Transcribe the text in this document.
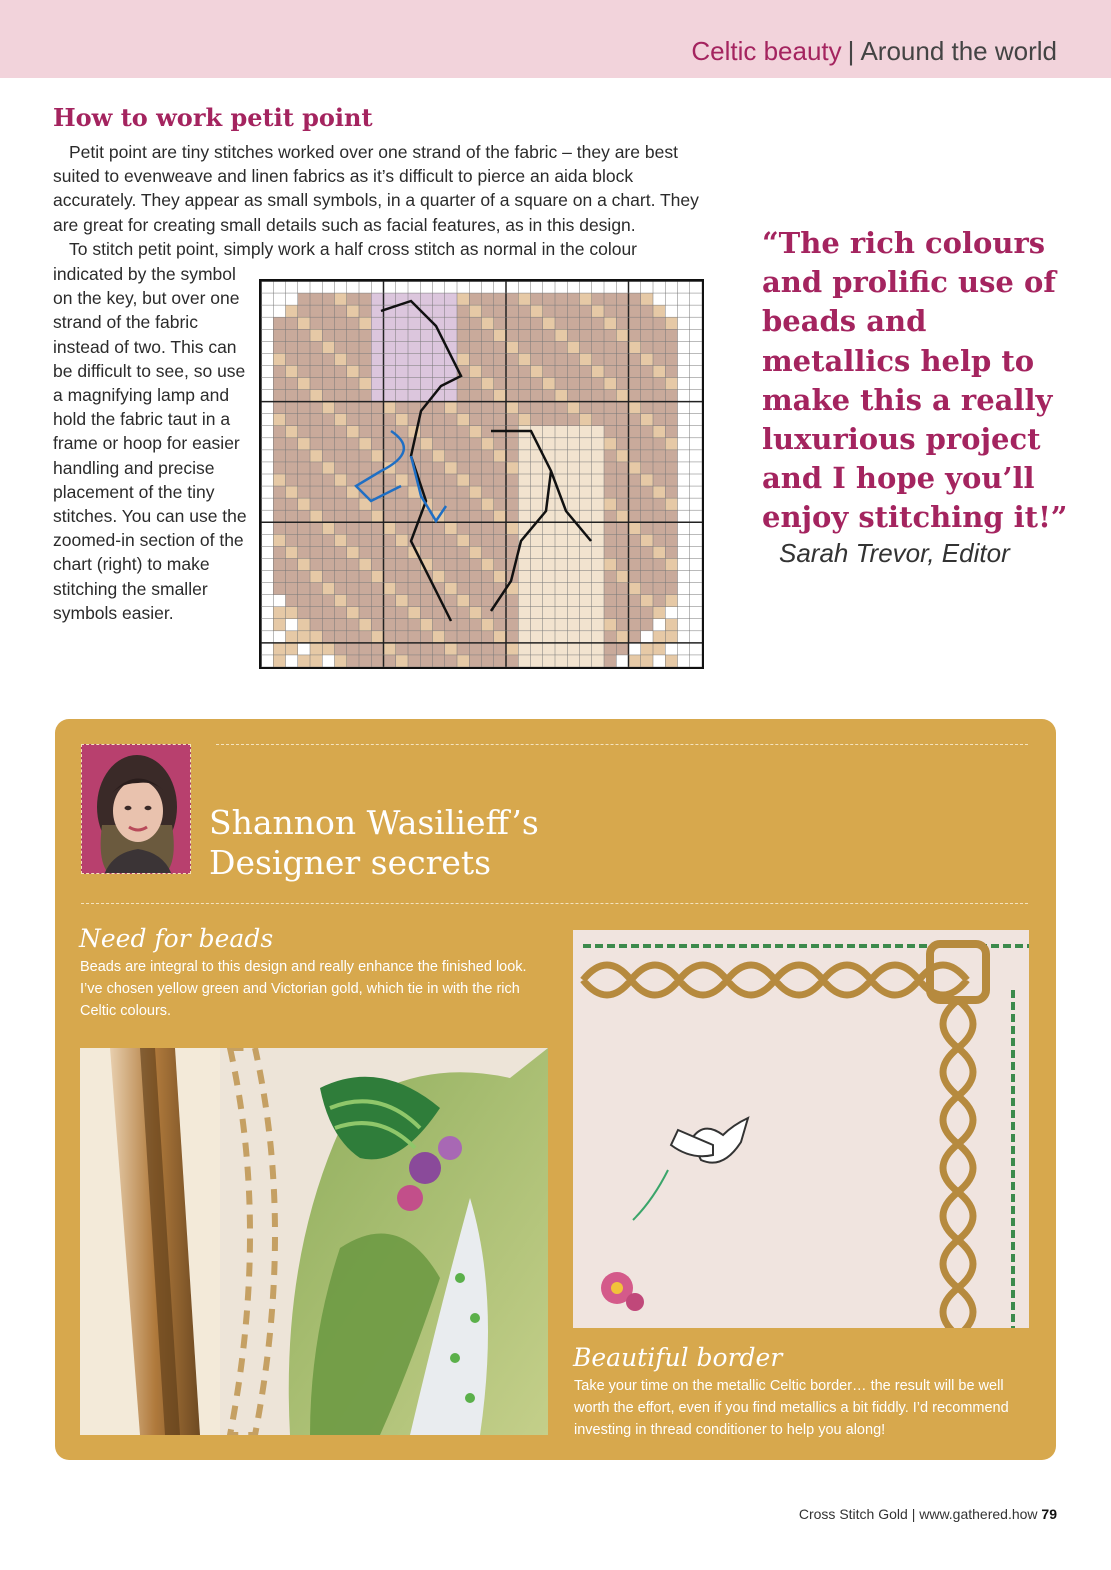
Celtic beauty | Around the world
How to work petit point

Petit point are tiny stitches worked over one strand of the fabric – they are best suited to evenweave and linen fabrics as it’s difficult to pierce an aida block accurately. They appear as small symbols, in a quarter of a square on a chart. They are great for creating small details such as facial features, as in this design.

To stitch petit point, simply work a half cross stitch as normal in the colour

indicated by the symbol on the key, but over one strand of the fabric instead of two. This can be difficult to see, so use a magnifying lamp and hold the fabric taut in a frame or hoop for easier handling and precise placement of the tiny stitches. You can use the zoomed-in section of the chart (right) to make stitching the smaller symbols easier.

“The rich colours and prolific use of beads and metallics help to make this a really luxurious project and I hope you’ll enjoy stitching it!”

Sarah Trevor, Editor
Shannon Wasilieff’s
Designer secrets
Need for beads

Beads are integral to this design and really enhance the finished look. I’ve chosen yellow green and Victorian gold, which tie in with the rich Celtic colours.

Beautiful border

Take your time on the metallic Celtic border… the result will be well worth the effort, even if you find metallics a bit fiddly. I’d recommend investing in thread conditioner to help you along!

Cross Stitch Gold | www.gathered.how 79
